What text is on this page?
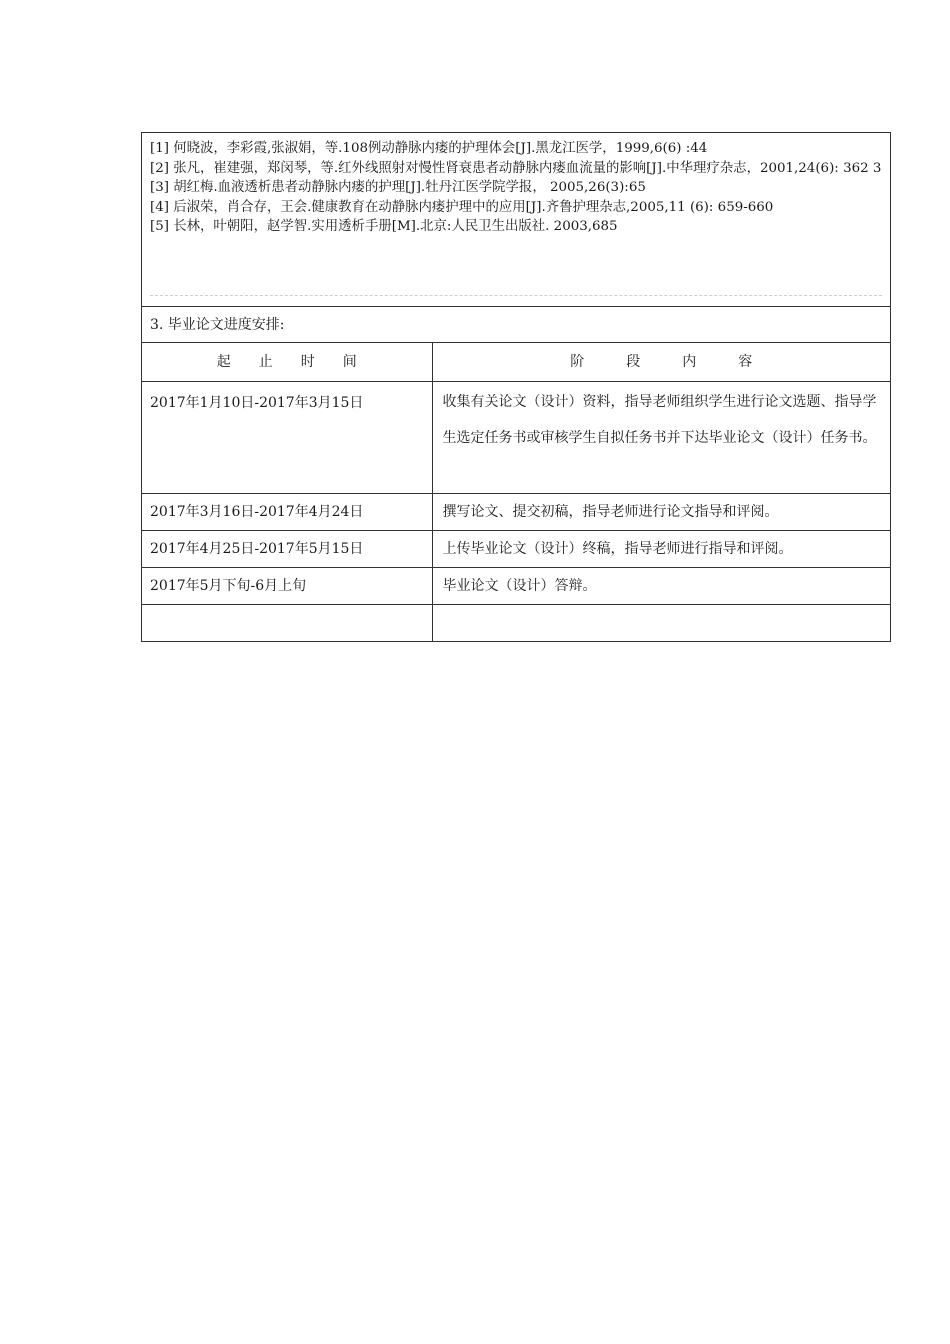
[1] 何晓波，李彩霞,张淑娟，等.108例动静脉内瘘的护理体会[J].黑龙江医学，1999,6(6) :44

[2] 张凡，崔建强，郑闵琴，等.红外线照射对慢性肾衰患者动静脉内瘘血流量的影响[J].中华理疗杂志，2001,24(6): 362 3

[3] 胡红梅.血液透析患者动静脉内瘘的护理[J].牡丹江医学院学报， 2005,26(3):65

[4] 后淑荣，肖合存，王会.健康教育在动静脉内瘘护理中的应用[J].齐鲁护理杂志,2005,11 (6): 659-660

[5] 长林，叶朝阳，赵学智.实用透析手册[M].北京:人民卫生出版社. 2003,685

3. 毕业论文进度安排:
起　　止　　时　　间	阶　　　段　　　内　　　容
2017年1月10日-2017年3月15日	收集有关论文（设计）资料，指导老师组织学生进行论文选题、指导学生选定任务书或审核学生自拟任务书并下达毕业论文（设计）任务书。
2017年3月16日-2017年4月24日	撰写论文、提交初稿，指导老师进行论文指导和评阅。
2017年4月25日-2017年5月15日	上传毕业论文（设计）终稿，指导老师进行指导和评阅。
2017年5月下旬-6月上旬	毕业论文（设计）答辩。
